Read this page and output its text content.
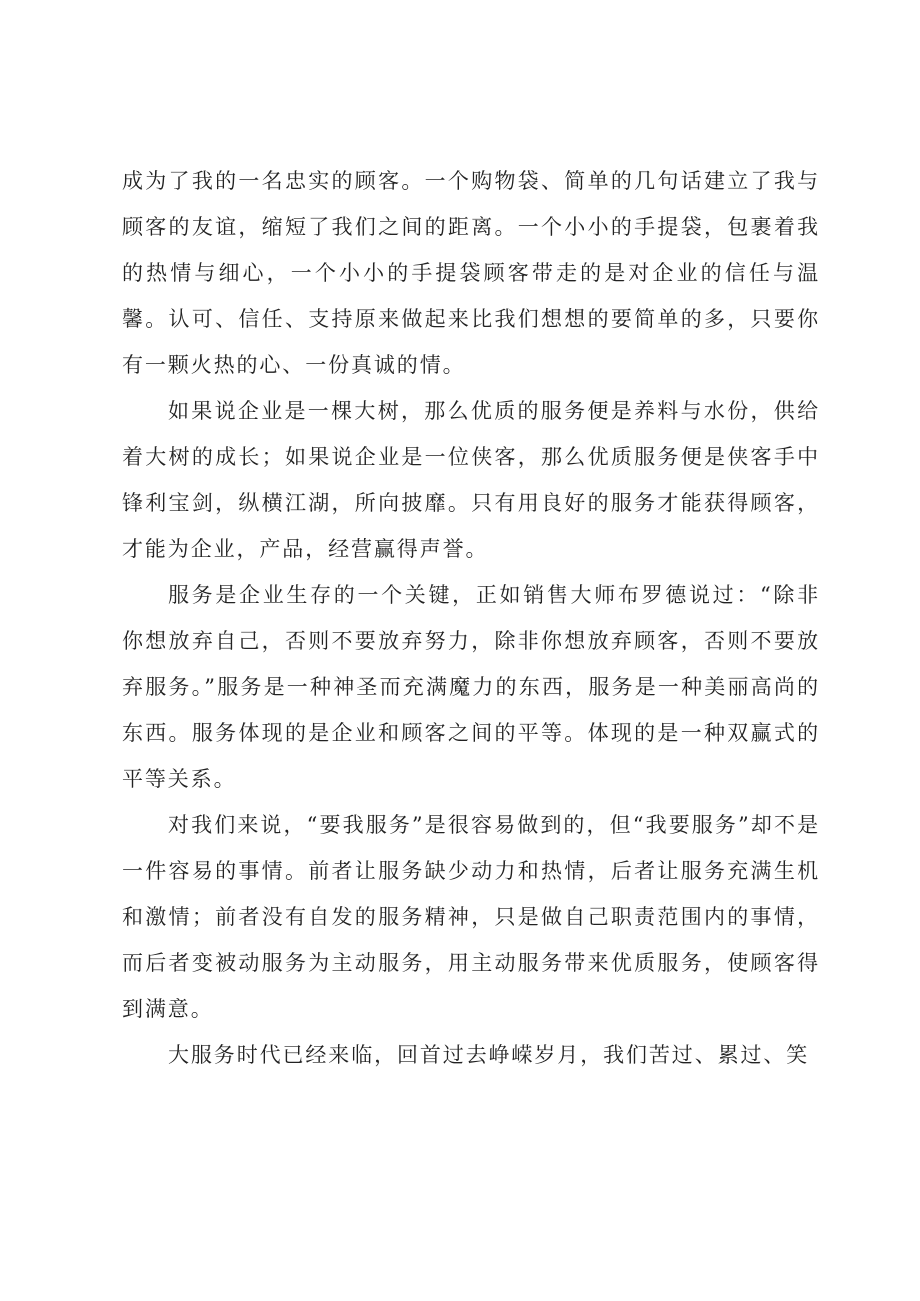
成为了我的一名忠实的顾客。一个购物袋、简单的几句话建立了我与顾客的友谊，缩短了我们之间的距离。一个小小的手提袋，包裹着我的热情与细心，一个小小的手提袋顾客带走的是对企业的信任与温馨。认可、信任、支持原来做起来比我们想想的要简单的多，只要你有一颗火热的心、一份真诚的情。

如果说企业是一棵大树，那么优质的服务便是养料与水份，供给着大树的成长；如果说企业是一位侠客，那么优质服务便是侠客手中锋利宝剑，纵横江湖，所向披靡。只有用良好的服务才能获得顾客，才能为企业，产品，经营赢得声誉。

服务是企业生存的一个关键，正如销售大师布罗德说过：“除非你想放弃自己，否则不要放弃努力，除非你想放弃顾客，否则不要放弃服务。”服务是一种神圣而充满魔力的东西，服务是一种美丽高尚的东西。服务体现的是企业和顾客之间的平等。体现的是一种双赢式的平等关系。

对我们来说，“要我服务”是很容易做到的，但“我要服务”却不是一件容易的事情。前者让服务缺少动力和热情，后者让服务充满生机和激情；前者没有自发的服务精神，只是做自己职责范围内的事情，而后者变被动服务为主动服务，用主动服务带来优质服务，使顾客得到满意。

大服务时代已经来临，回首过去峥嵘岁月，我们苦过、累过、笑
